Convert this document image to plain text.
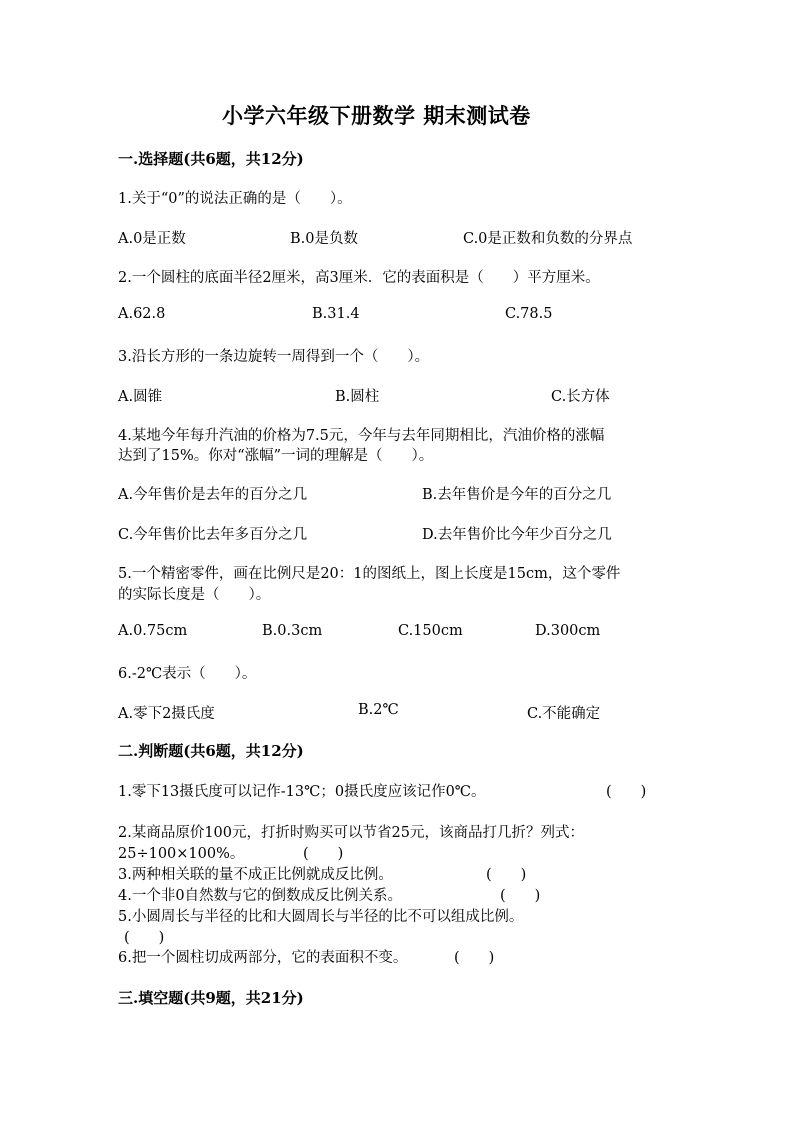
小学六年级下册数学 期末测试卷
一.选择题(共6题，共12分)
1.关于“0”的说法正确的是（　　）。
A.0是正数	B.0是负数	C.0是正数和负数的分界点
2.一个圆柱的底面半径2厘米，高3厘米．它的表面积是（　　）平方厘米。
A.62.8	B.31.4	C.78.5
3.沿长方形的一条边旋转一周得到一个（　　）。
A.圆锥	B.圆柱	C.长方体
4.某地今年每升汽油的价格为7.5元，今年与去年同期相比，汽油价格的涨幅
达到了15%。你对“涨幅”一词的理解是（　　）。
A.今年售价是去年的百分之几	B.去年售价是今年的百分之几
C.今年售价比去年多百分之几	D.去年售价比今年少百分之几
5.一个精密零件，画在比例尺是20：1的图纸上，图上长度是15cm，这个零件
的实际长度是（　　）。
A.0.75cm	B.0.3cm	C.150cm	D.300cm
6.-2℃表示（　　）。
A.零下2摄氏度	B.2℃	C.不能确定
二.判断题(共6题，共12分)
1.零下13摄氏度可以记作-13℃；0摄氏度应该记作0℃。	(　　)
2.某商品原价100元，打折时购买可以节省25元，该商品打几折？列式：
25÷100×100%。	(　　)
3.两种相关联的量不成正比例就成反比例。	(　　)
4.一个非0自然数与它的倒数成反比例关系。	(　　)
5.小圆周长与半径的比和大圆周长与半径的比不可以组成比例。
(　　)
6.把一个圆柱切成两部分，它的表面积不变。	(　　)
三.填空题(共9题，共21分)
